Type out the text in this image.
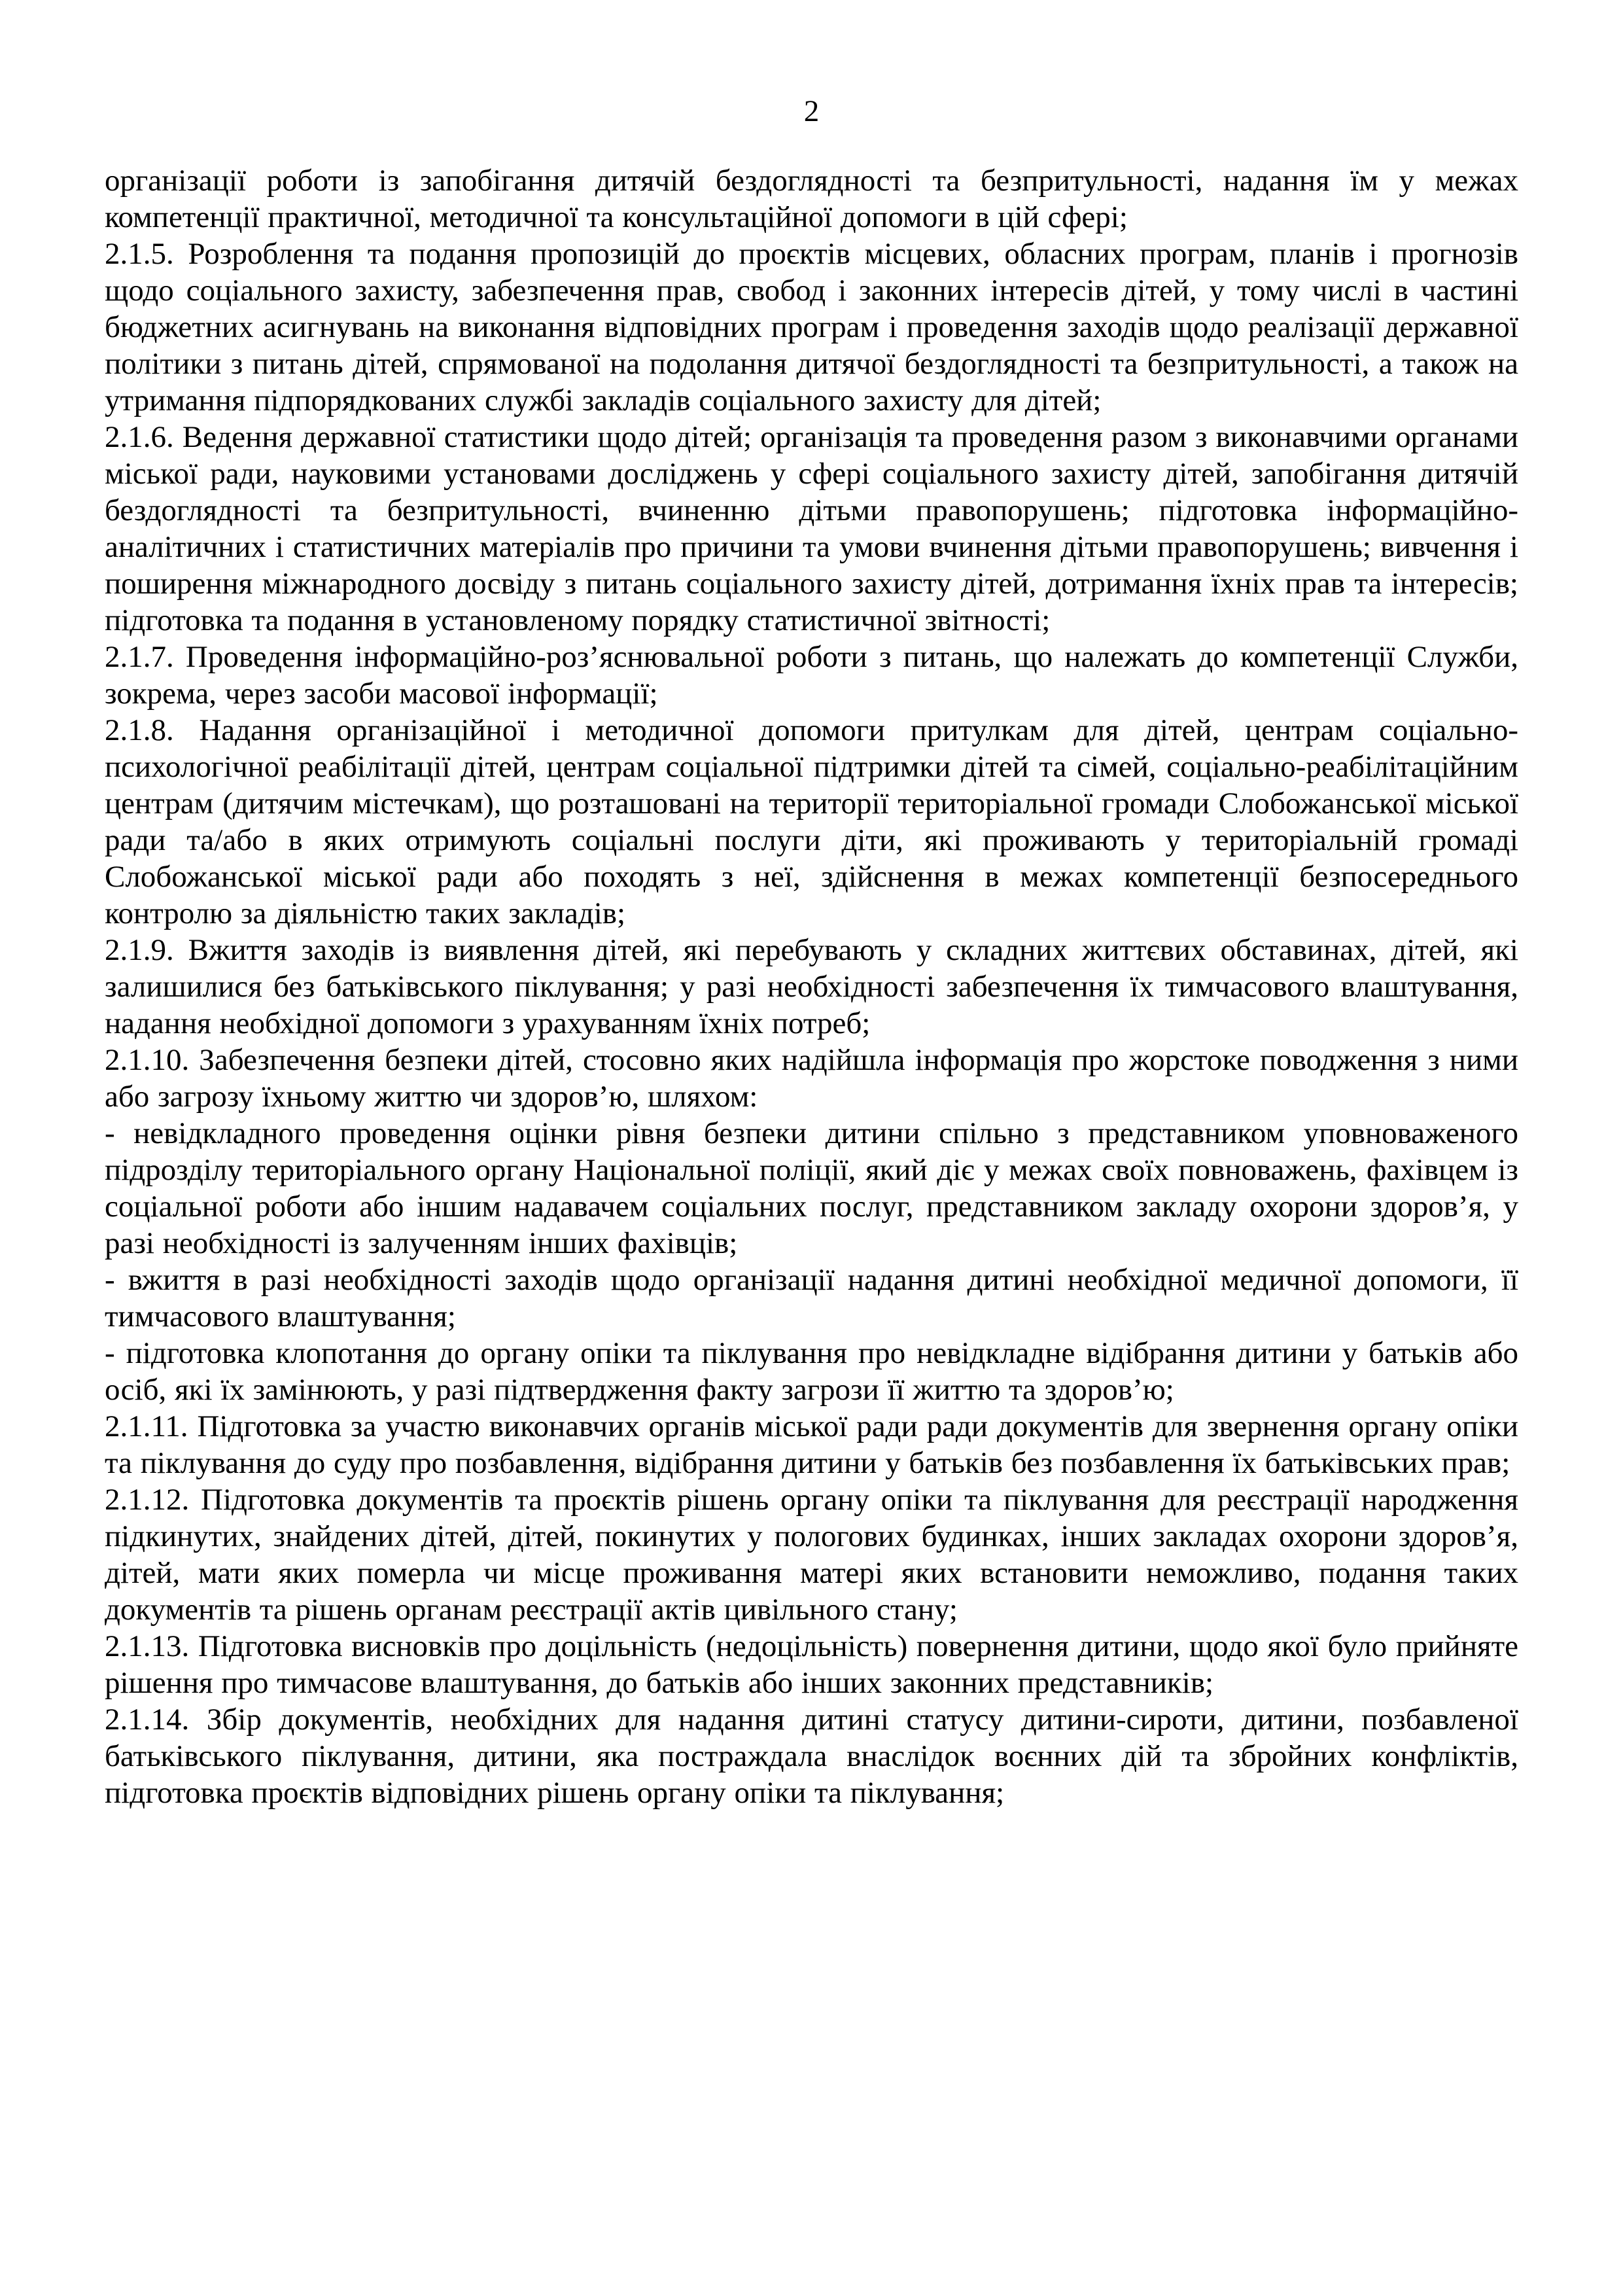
2

організації роботи із запобігання дитячій бездоглядності та безпритульності, надання їм у межах компетенції практичної, методичної та консультаційної допомоги в цій сфері;

2.1.5. Розроблення та подання пропозицій до проєктів місцевих, обласних програм, планів і прогнозів щодо соціального захисту, забезпечення прав, свобод і законних інтересів дітей, у тому числі в частині бюджетних асигнувань на виконання відповідних програм і проведення заходів щодо реалізації державної політики з питань дітей, спрямованої на подолання дитячої бездоглядності та безпритульності, а також на утримання підпорядкованих службі закладів соціального захисту для дітей;

2.1.6. Ведення державної статистики щодо дітей; організація та проведення разом з виконавчими органами міської ради, науковими установами досліджень у сфері соціального захисту дітей, запобігання дитячій бездоглядності та безпритульності, вчиненню дітьми правопорушень; підготовка інформаційно-аналітичних і статистичних матеріалів про причини та умови вчинення дітьми правопорушень; вивчення і поширення міжнародного досвіду з питань соціального захисту дітей, дотримання їхніх прав та інтересів; підготовка та подання в установленому порядку статистичної звітності;

2.1.7. Проведення інформаційно-роз’яснювальної роботи з питань, що належать до компетенції Служби, зокрема, через засоби масової інформації;

2.1.8. Надання організаційної і методичної допомоги притулкам для дітей, центрам соціально-психологічної реабілітації дітей, центрам соціальної підтримки дітей та сімей, соціально-реабілітаційним центрам (дитячим містечкам), що розташовані на території територіальної громади Слобожанської міської ради та/або в яких отримують соціальні послуги діти, які проживають у територіальній громаді Слобожанської міської ради або походять з неї, здійснення в межах компетенції безпосереднього контролю за діяльністю таких закладів;

2.1.9. Вжиття заходів із виявлення дітей, які перебувають у складних життєвих обставинах, дітей, які залишилися без батьківського піклування; у разі необхідності забезпечення їх тимчасового влаштування, надання необхідної допомоги з урахуванням їхніх потреб;

2.1.10. Забезпечення безпеки дітей, стосовно яких надійшла інформація про жорстоке поводження з ними або загрозу їхньому життю чи здоров’ю, шляхом:

- невідкладного проведення оцінки рівня безпеки дитини спільно з представником уповноваженого підрозділу територіального органу Національної поліції, який діє у межах своїх повноважень, фахівцем із соціальної роботи або іншим надавачем соціальних послуг, представником закладу охорони здоров’я, у разі необхідності із залученням інших фахівців;

- вжиття в разі необхідності заходів щодо організації надання дитині необхідної медичної допомоги, її тимчасового влаштування;

- підготовка клопотання до органу опіки та піклування про невідкладне відібрання дитини у батьків або осіб, які їх замінюють, у разі підтвердження факту загрози її життю та здоров’ю;

2.1.11. Підготовка за участю виконавчих органів міської ради ради документів для звернення органу опіки та піклування до суду про позбавлення, відібрання дитини у батьків без позбавлення їх батьківських прав;

2.1.12. Підготовка документів та проєктів рішень органу опіки та піклування для реєстрації народження підкинутих, знайдених дітей, дітей, покинутих у пологових будинках, інших закладах охорони здоров’я, дітей, мати яких померла чи місце проживання матері яких встановити неможливо, подання таких документів та рішень органам реєстрації актів цивільного стану;

2.1.13. Підготовка висновків про доцільність (недоцільність) повернення дитини, щодо якої було прийняте рішення про тимчасове влаштування, до батьків або інших законних представників;

2.1.14. Збір документів, необхідних для надання дитині статусу дитини-сироти, дитини, позбавленої батьківського піклування, дитини, яка постраждала внаслідок воєнних дій та збройних конфліктів, підготовка проєктів відповідних рішень органу опіки та піклування;
